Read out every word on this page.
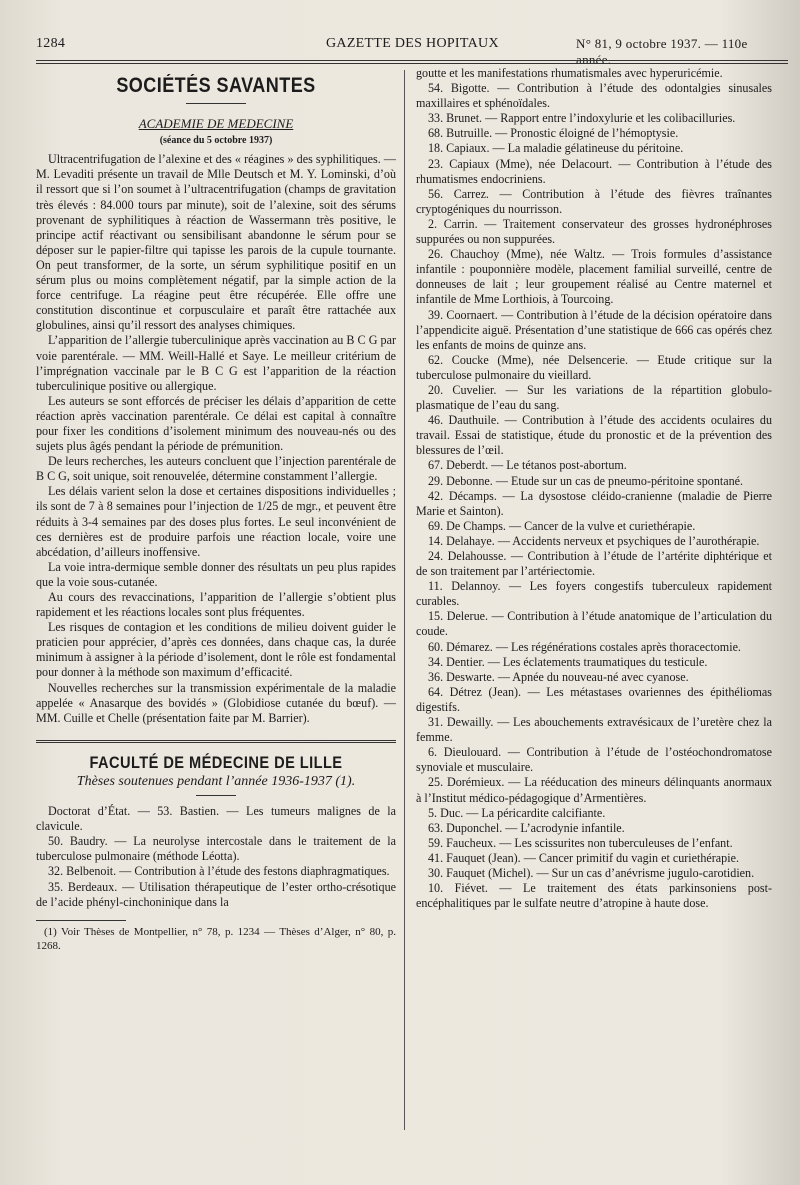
1284	GAZETTE DES HOPITAUX	N° 81, 9 octobre 1937. — 110e année.
SOCIÉTÉS SAVANTES
ACADEMIE DE MEDECINE
(séance du 5 octobre 1937)

Ultracentrifugation de l’alexine et des « réagines » des syphilitiques. — M. Levaditi présente un travail de Mlle Deutsch et M. Y. Lominski, d’où il ressort que si l’on soumet à l’ultracentrifugation (champs de gravitation très élevés : 84.000 tours par minute), soit de l’alexine, soit des sérums provenant de syphilitiques à réaction de Wassermann très positive, le principe actif réactivant ou sensibilisant abandonne le sérum pour se déposer sur le papier-filtre qui tapisse les parois de la cupule tournante. On peut transformer, de la sorte, un sérum syphilitique positif en un sérum plus ou moins complètement négatif, par la simple action de la force centrifuge. La réagine peut être récupérée. Elle offre une constitution discontinue et corpusculaire et paraît être rattachée aux globulines, ainsi qu’il ressort des analyses chimiques.

L’apparition de l’allergie tuberculinique après vaccination au B C G par voie parentérale. — MM. Weill-Hallé et Saye. Le meilleur critérium de l’imprégnation vaccinale par le B C G est l’apparition de la réaction tuberculinique positive ou allergique.

Les auteurs se sont efforcés de préciser les délais d’apparition de cette réaction après vaccination parentérale. Ce délai est capital à connaître pour fixer les conditions d’isolement minimum des nouveau-nés ou des sujets plus âgés pendant la période de prémunition.

De leurs recherches, les auteurs concluent que l’injection parentérale de B C G, soit unique, soit renouvelée, détermine constamment l’allergie.

Les délais varient selon la dose et certaines dispositions individuelles ; ils sont de 7 à 8 semaines pour l’injection de 1/25 de mgr., et peuvent être réduits à 3-4 semaines par des doses plus fortes. Le seul inconvénient de ces dernières est de produire parfois une réaction locale, voire une abcédation, d’ailleurs inoffensive.

La voie intra-dermique semble donner des résultats un peu plus rapides que la voie sous-cutanée.

Au cours des revaccinations, l’apparition de l’allergie s’obtient plus rapidement et les réactions locales sont plus fréquentes.

Les risques de contagion et les conditions de milieu doivent guider le praticien pour apprécier, d’après ces données, dans chaque cas, la durée minimum à assigner à la période d’isolement, dont le rôle est fondamental pour donner à la méthode son maximum d’efficacité.

Nouvelles recherches sur la transmission expérimentale de la maladie appelée « Anasarque des bovidés » (Globidiose cutanée du bœuf). — MM. Cuille et Chelle (présentation faite par M. Barrier).

FACULTÉ DE MÉDECINE DE LILLE
Thèses soutenues pendant l’année 1936-1937 (1).

Doctorat d’État. — 53. Bastien. — Les tumeurs malignes de la clavicule.

50. Baudry. — La neurolyse intercostale dans le traitement de la tuberculose pulmonaire (méthode Léotta).

32. Belbenoit. — Contribution à l’étude des festons diaphragmatiques.

35. Berdeaux. — Utilisation thérapeutique de l’ester ortho-crésotique de l’acide phényl-cinchoninique dans la

(1) Voir Thèses de Montpellier, n° 78, p. 1234 — Thèses d’Alger, n° 80, p. 1268.

goutte et les manifestations rhumatismales avec hyperuricémie.

54. Bigotte. — Contribution à l’étude des odontalgies sinusales maxillaires et sphénoïdales.

33. Brunet. — Rapport entre l’indoxylurie et les colibacilluries.

68. Butruille. — Pronostic éloigné de l’hémoptysie.

18. Capiaux. — La maladie gélatineuse du péritoine.

23. Capiaux (Mme), née Delacourt. — Contribution à l’étude des rhumatismes endocriniens.

56. Carrez. — Contribution à l’étude des fièvres traînantes cryptogéniques du nourrisson.

2. Carrin. — Traitement conservateur des grosses hydronéphroses suppurées ou non suppurées.

26. Chauchoy (Mme), née Waltz. — Trois formules d’assistance infantile : pouponnière modèle, placement familial surveillé, centre de donneuses de lait ; leur groupement réalisé au Centre maternel et infantile de Mme Lorthiois, à Tourcoing.

39. Coornaert. — Contribution à l’étude de la décision opératoire dans l’appendicite aiguë. Présentation d’une statistique de 666 cas opérés chez les enfants de moins de quinze ans.

62. Coucke (Mme), née Delsencerie. — Etude critique sur la tuberculose pulmonaire du vieillard.

20. Cuvelier. — Sur les variations de la répartition globulo-plasmatique de l’eau du sang.

46. Dauthuile. — Contribution à l’étude des accidents oculaires du travail. Essai de statistique, étude du pronostic et de la prévention des blessures de l’œil.

67. Deberdt. — Le tétanos post-abortum.

29. Debonne. — Etude sur un cas de pneumo-péritoine spontané.

42. Décamps. — La dysostose cléido-cranienne (maladie de Pierre Marie et Sainton).

69. De Champs. — Cancer de la vulve et curiethérapie.

14. Delahaye. — Accidents nerveux et psychiques de l’aurothérapie.

24. Delahousse. — Contribution à l’étude de l’artérite diphtérique et de son traitement par l’artériectomie.

11. Delannoy. — Les foyers congestifs tuberculeux rapidement curables.

15. Delerue. — Contribution à l’étude anatomique de l’articulation du coude.

60. Démarez. — Les régénérations costales après thoracectomie.

34. Dentier. — Les éclatements traumatiques du testicule.

36. Deswarte. — Apnée du nouveau-né avec cyanose.

64. Détrez (Jean). — Les métastases ovariennes des épithéliomas digestifs.

31. Dewailly. — Les abouchements extravésicaux de l’uretère chez la femme.

6. Dieulouard. — Contribution à l’étude de l’ostéochondromatose synoviale et musculaire.

25. Dorémieux. — La rééducation des mineurs délinquants anormaux à l’Institut médico-pédagogique d’Armentières.

5. Duc. — La péricardite calcifiante.

63. Duponchel. — L’acrodynie infantile.

59. Faucheux. — Les scissurites non tuberculeuses de l’enfant.

41. Fauquet (Jean). — Cancer primitif du vagin et curiethérapie.

30. Fauquet (Michel). — Sur un cas d’anévrisme jugulo-carotidien.

10. Fiévet. — Le traitement des états parkinsoniens post-encéphalitiques par le sulfate neutre d’atropine à haute dose.
